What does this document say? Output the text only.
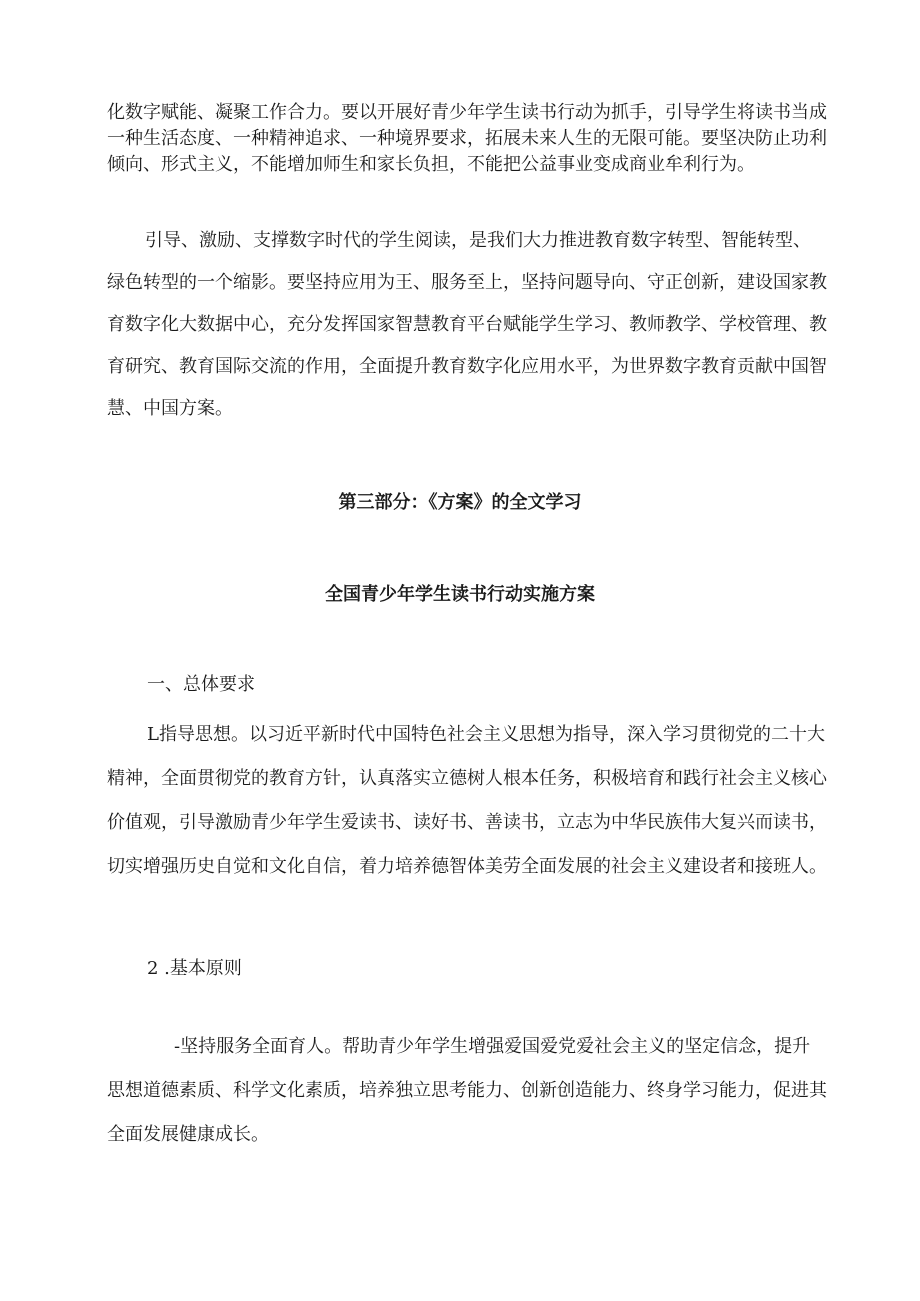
化数字赋能、凝聚工作合力。要以开展好青少年学生读书行动为抓手，引导学生将读书当成一种生活态度、一种精神追求、一种境界要求，拓展未来人生的无限可能。要坚决防止功利倾向、形式主义，不能增加师生和家长负担，不能把公益事业变成商业牟利行为。

引导、激励、支撑数字时代的学生阅读，是我们大力推进教育数字转型、智能转型、绿色转型的一个缩影。要坚持应用为王、服务至上，坚持问题导向、守正创新，建设国家教育数字化大数据中心，充分发挥国家智慧教育平台赋能学生学习、教师教学、学校管理、教育研究、教育国际交流的作用，全面提升教育数字化应用水平，为世界数字教育贡献中国智慧、中国方案。

第三部分：《方案》的全文学习
全国青少年学生读书行动实施方案

一、总体要求

L指导思想。以习近平新时代中国特色社会主义思想为指导，深入学习贯彻党的二十大精神，全面贯彻党的教育方针，认真落实立德树人根本任务，积极培育和践行社会主义核心价值观，引导激励青少年学生爱读书、读好书、善读书，立志为中华民族伟大复兴而读书，切实增强历史自觉和文化自信，着力培养德智体美劳全面发展的社会主义建设者和接班人。

2 .基本原则

-坚持服务全面育人。帮助青少年学生增强爱国爱党爱社会主义的坚定信念，提升思想道德素质、科学文化素质，培养独立思考能力、创新创造能力、终身学习能力，促进其全面发展健康成长。
